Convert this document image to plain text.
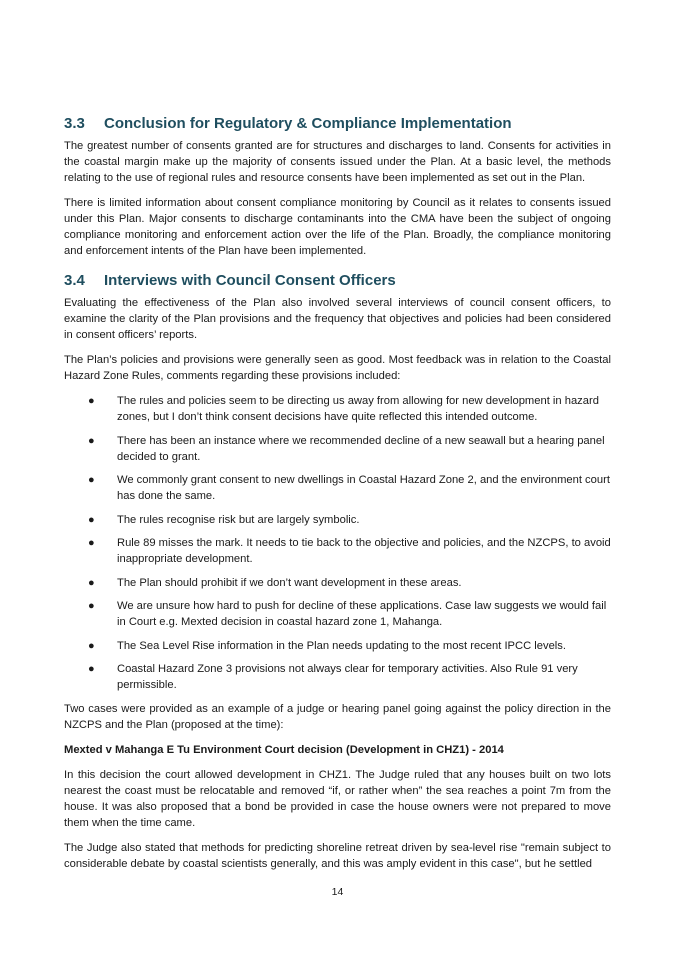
3.3	Conclusion for Regulatory & Compliance Implementation

The greatest number of consents granted are for structures and discharges to land. Consents for activities in the coastal margin make up the majority of consents issued under the Plan. At a basic level, the methods relating to the use of regional rules and resource consents have been implemented as set out in the Plan.

There is limited information about consent compliance monitoring by Council as it relates to consents issued under this Plan. Major consents to discharge contaminants into the CMA have been the subject of ongoing compliance monitoring and enforcement action over the life of the Plan. Broadly, the compliance monitoring and enforcement intents of the Plan have been implemented.

3.4	Interviews with Council Consent Officers

Evaluating the effectiveness of the Plan also involved several interviews of council consent officers, to examine the clarity of the Plan provisions and the frequency that objectives and policies had been considered in consent officers’ reports.

The Plan’s policies and provisions were generally seen as good. Most feedback was in relation to the Coastal Hazard Zone Rules, comments regarding these provisions included:

●	The rules and policies seem to be directing us away from allowing for new development in hazard zones, but I don’t think consent decisions have quite reflected this intended outcome.
●	There has been an instance where we recommended decline of a new seawall but a hearing panel decided to grant.
●	We commonly grant consent to new dwellings in Coastal Hazard Zone 2, and the environment court has done the same.
●	The rules recognise risk but are largely symbolic.
●	Rule 89 misses the mark. It needs to tie back to the objective and policies, and the NZCPS, to avoid inappropriate development.
●	The Plan should prohibit if we don’t want development in these areas.
●	We are unsure how hard to push for decline of these applications. Case law suggests we would fail in Court e.g. Mexted decision in coastal hazard zone 1, Mahanga.
●	The Sea Level Rise information in the Plan needs updating to the most recent IPCC levels.
●	Coastal Hazard Zone 3 provisions not always clear for temporary activities. Also Rule 91 very permissible.

Two cases were provided as an example of a judge or hearing panel going against the policy direction in the NZCPS and the Plan (proposed at the time):

Mexted v Mahanga E Tu Environment Court decision (Development in CHZ1) - 2014

In this decision the court allowed development in CHZ1. The Judge ruled that any houses built on two lots nearest the coast must be relocatable and removed “if, or rather when” the sea reaches a point 7m from the house. It was also proposed that a bond be provided in case the house owners were not prepared to move them when the time came.

The Judge also stated that methods for predicting shoreline retreat driven by sea-level rise "remain subject to considerable debate by coastal scientists generally, and this was amply evident in this case", but he settled

14
